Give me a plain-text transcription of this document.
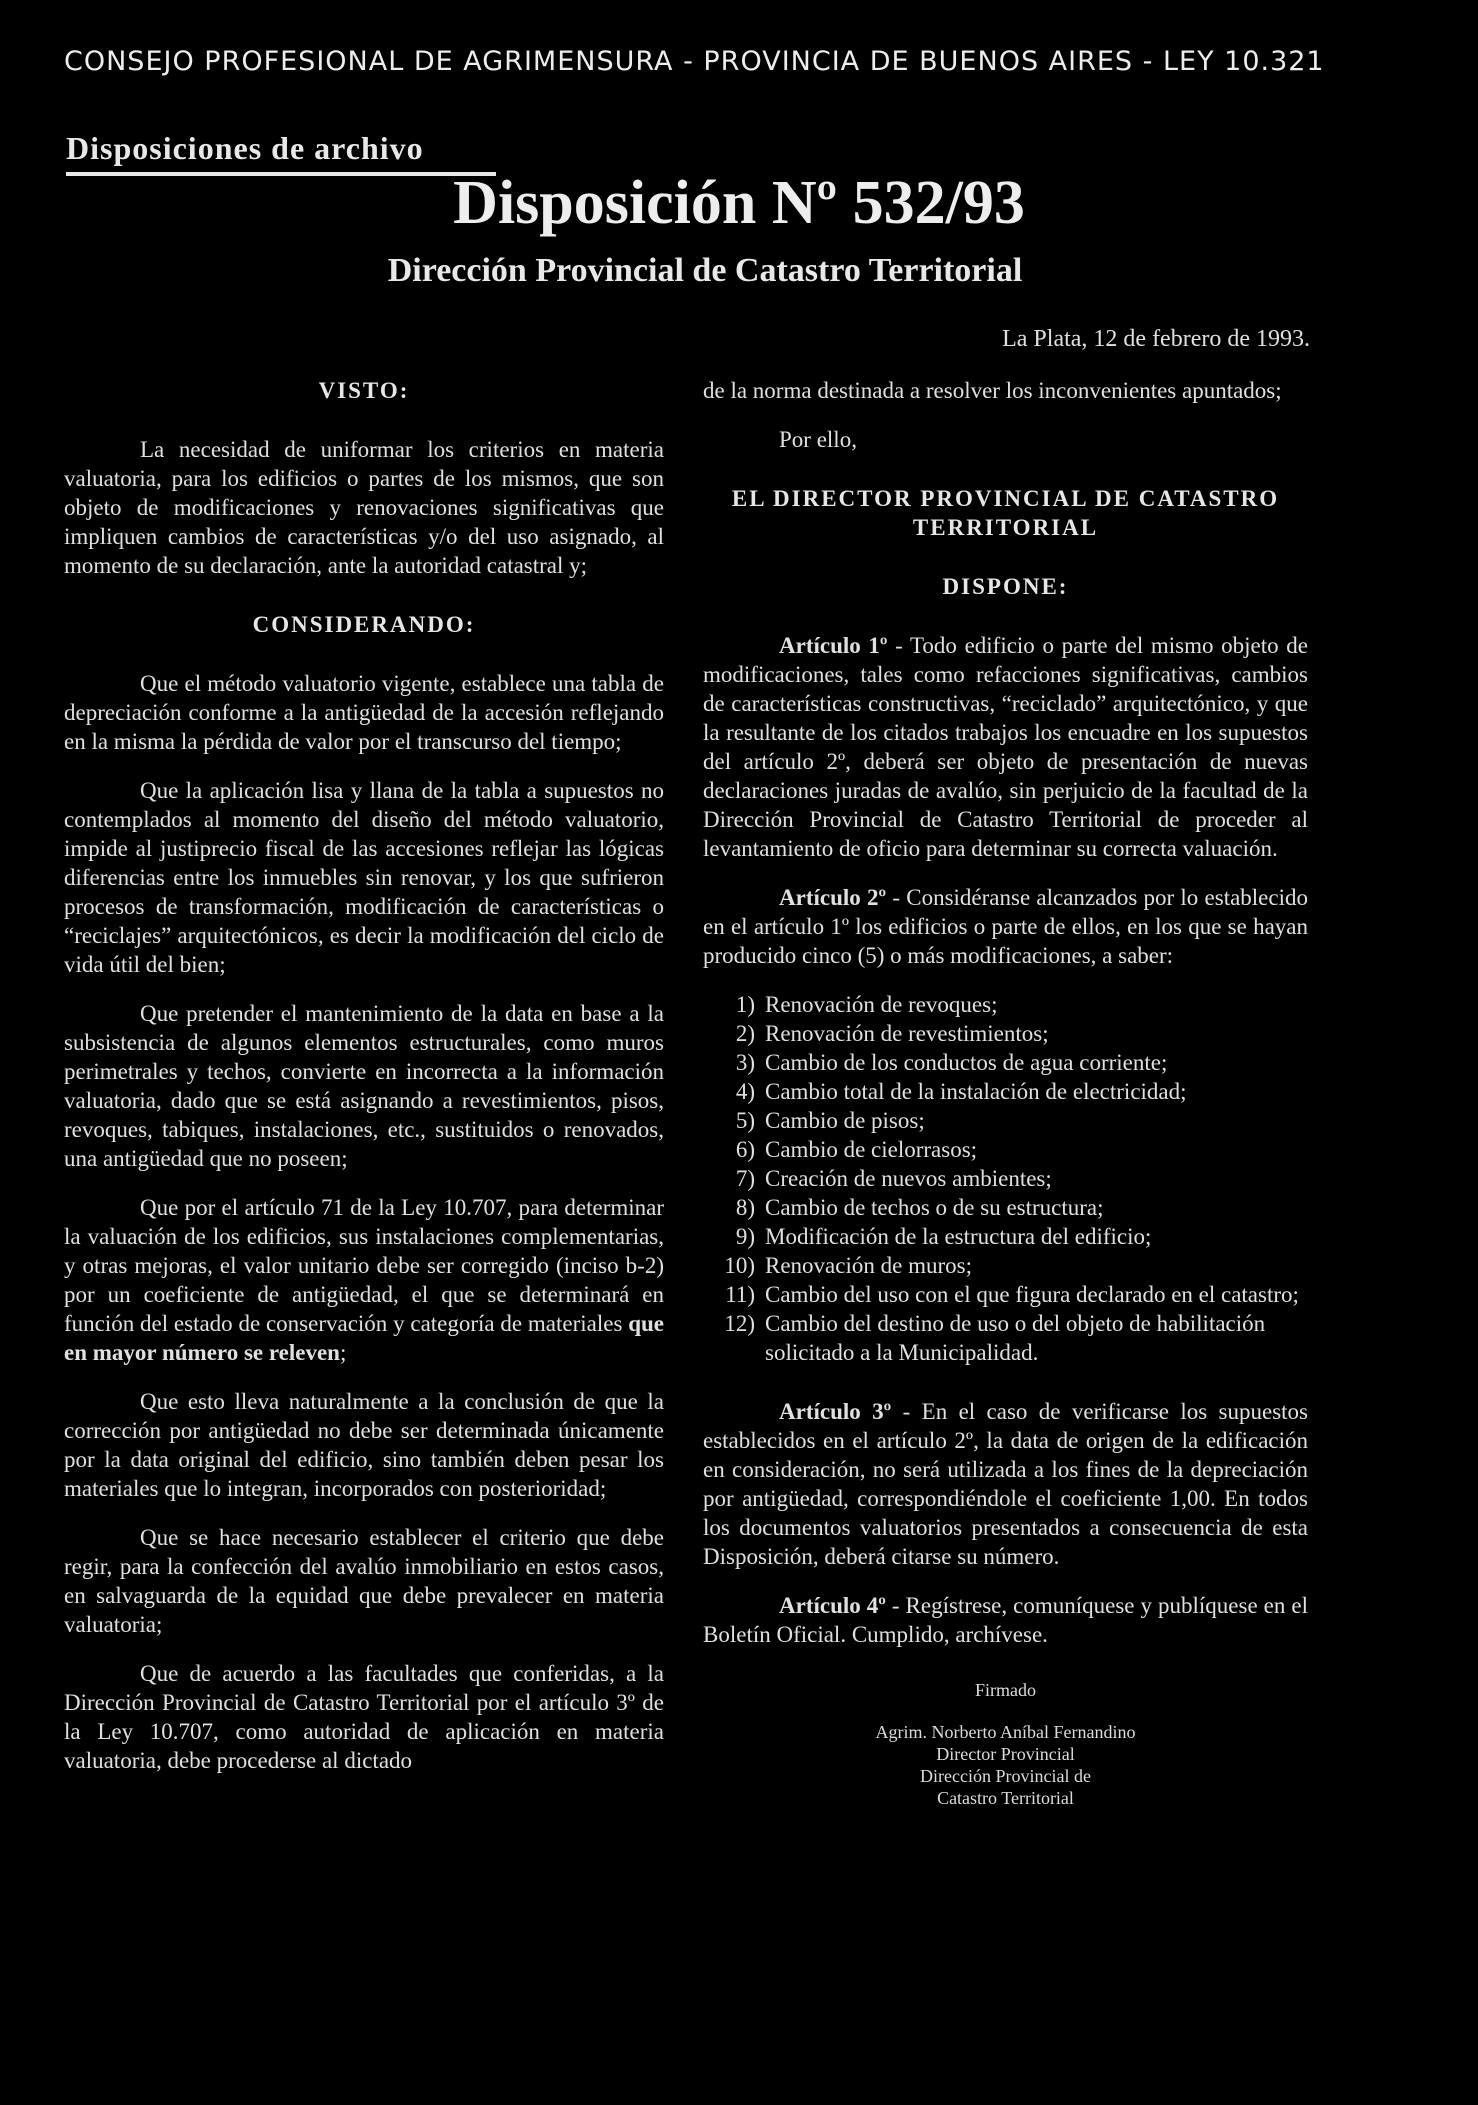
CONSEJO PROFESIONAL DE AGRIMENSURA - PROVINCIA DE BUENOS AIRES - LEY 10.321
Disposiciones de archivo
Disposición Nº 532/93
Dirección Provincial de Catastro Territorial
La Plata, 12 de febrero de 1993.
VISTO:

La necesidad de uniformar los criterios en materia valuatoria, para los edificios o partes de los mismos, que son objeto de modificaciones y renovaciones significativas que impliquen cambios de características y/o del uso asignado, al momento de su declaración, ante la autoridad catastral y;

CONSIDERANDO:

Que el método valuatorio vigente, establece una tabla de depreciación conforme a la antigüedad de la accesión reflejando en la misma la pérdida de valor por el transcurso del tiempo;

Que la aplicación lisa y llana de la tabla a supuestos no contemplados al momento del diseño del método valuatorio, impide al justiprecio fiscal de las accesiones reflejar las lógicas diferencias entre los inmuebles sin renovar, y los que sufrieron procesos de transformación, modificación de características o “reciclajes” arquitectónicos, es decir la modificación del ciclo de vida útil del bien;

Que pretender el mantenimiento de la data en base a la subsistencia de algunos elementos estructurales, como muros perimetrales y techos, convierte en incorrecta a la información valuatoria, dado que se está asignando a revestimientos, pisos, revoques, tabiques, instalaciones, etc., sustituidos o renovados, una antigüedad que no poseen;

Que por el artículo 71 de la Ley 10.707, para determinar la valuación de los edificios, sus instalaciones complementarias, y otras mejoras, el valor unitario debe ser corregido (inciso b-2) por un coeficiente de antigüedad, el que se determinará en función del estado de conservación y categoría de materiales que en mayor número se releven;

Que esto lleva naturalmente a la conclusión de que la corrección por antigüedad no debe ser determinada únicamente por la data original del edificio, sino también deben pesar los materiales que lo integran, incorporados con posterioridad;

Que se hace necesario establecer el criterio que debe regir, para la confección del avalúo inmobiliario en estos casos, en salvaguarda de la equidad que debe prevalecer en materia valuatoria;

Que de acuerdo a las facultades que conferidas, a la Dirección Provincial de Catastro Territorial por el artículo 3º de la Ley 10.707, como autoridad de aplicación en materia valuatoria, debe procederse al dictado

de la norma destinada a resolver los inconvenientes apuntados;

Por ello,

EL DIRECTOR PROVINCIAL DE CATASTRO TERRITORIAL
DISPONE:

Artículo 1º - Todo edificio o parte del mismo objeto de modificaciones, tales como refacciones significativas, cambios de características constructivas, “reciclado” arquitectónico, y que la resultante de los citados trabajos los encuadre en los supuestos del artículo 2º, deberá ser objeto de presentación de nuevas declaraciones juradas de avalúo, sin perjuicio de la facultad de la Dirección Provincial de Catastro Territorial de proceder al levantamiento de oficio para determinar su correcta valuación.

Artículo 2º - Considéranse alcanzados por lo establecido en el artículo 1º los edificios o parte de ellos, en los que se hayan producido cinco (5) o más modificaciones, a saber:

1) Renovación de revoques;
2) Renovación de revestimientos;
3) Cambio de los conductos de agua corriente;
4) Cambio total de la instalación de electricidad;
5) Cambio de pisos;
6) Cambio de cielorrasos;
7) Creación de nuevos ambientes;
8) Cambio de techos o de su estructura;
9) Modificación de la estructura del edificio;
10) Renovación de muros;
11) Cambio del uso con el que figura declarado en el catastro;
12) Cambio del destino de uso o del objeto de habilitación solicitado a la Municipalidad.

Artículo 3º - En el caso de verificarse los supuestos establecidos en el artículo 2º, la data de origen de la edificación en consideración, no será utilizada a los fines de la depreciación por antigüedad, correspondiéndole el coeficiente 1,00. En todos los documentos valuatorios presentados a consecuencia de esta Disposición, deberá citarse su número.

Artículo 4º - Regístrese, comuníquese y publíquese en el Boletín Oficial. Cumplido, archívese.

Firmado
Agrim. Norberto Aníbal Fernandino
Director Provincial
Dirección Provincial de
Catastro Territorial
